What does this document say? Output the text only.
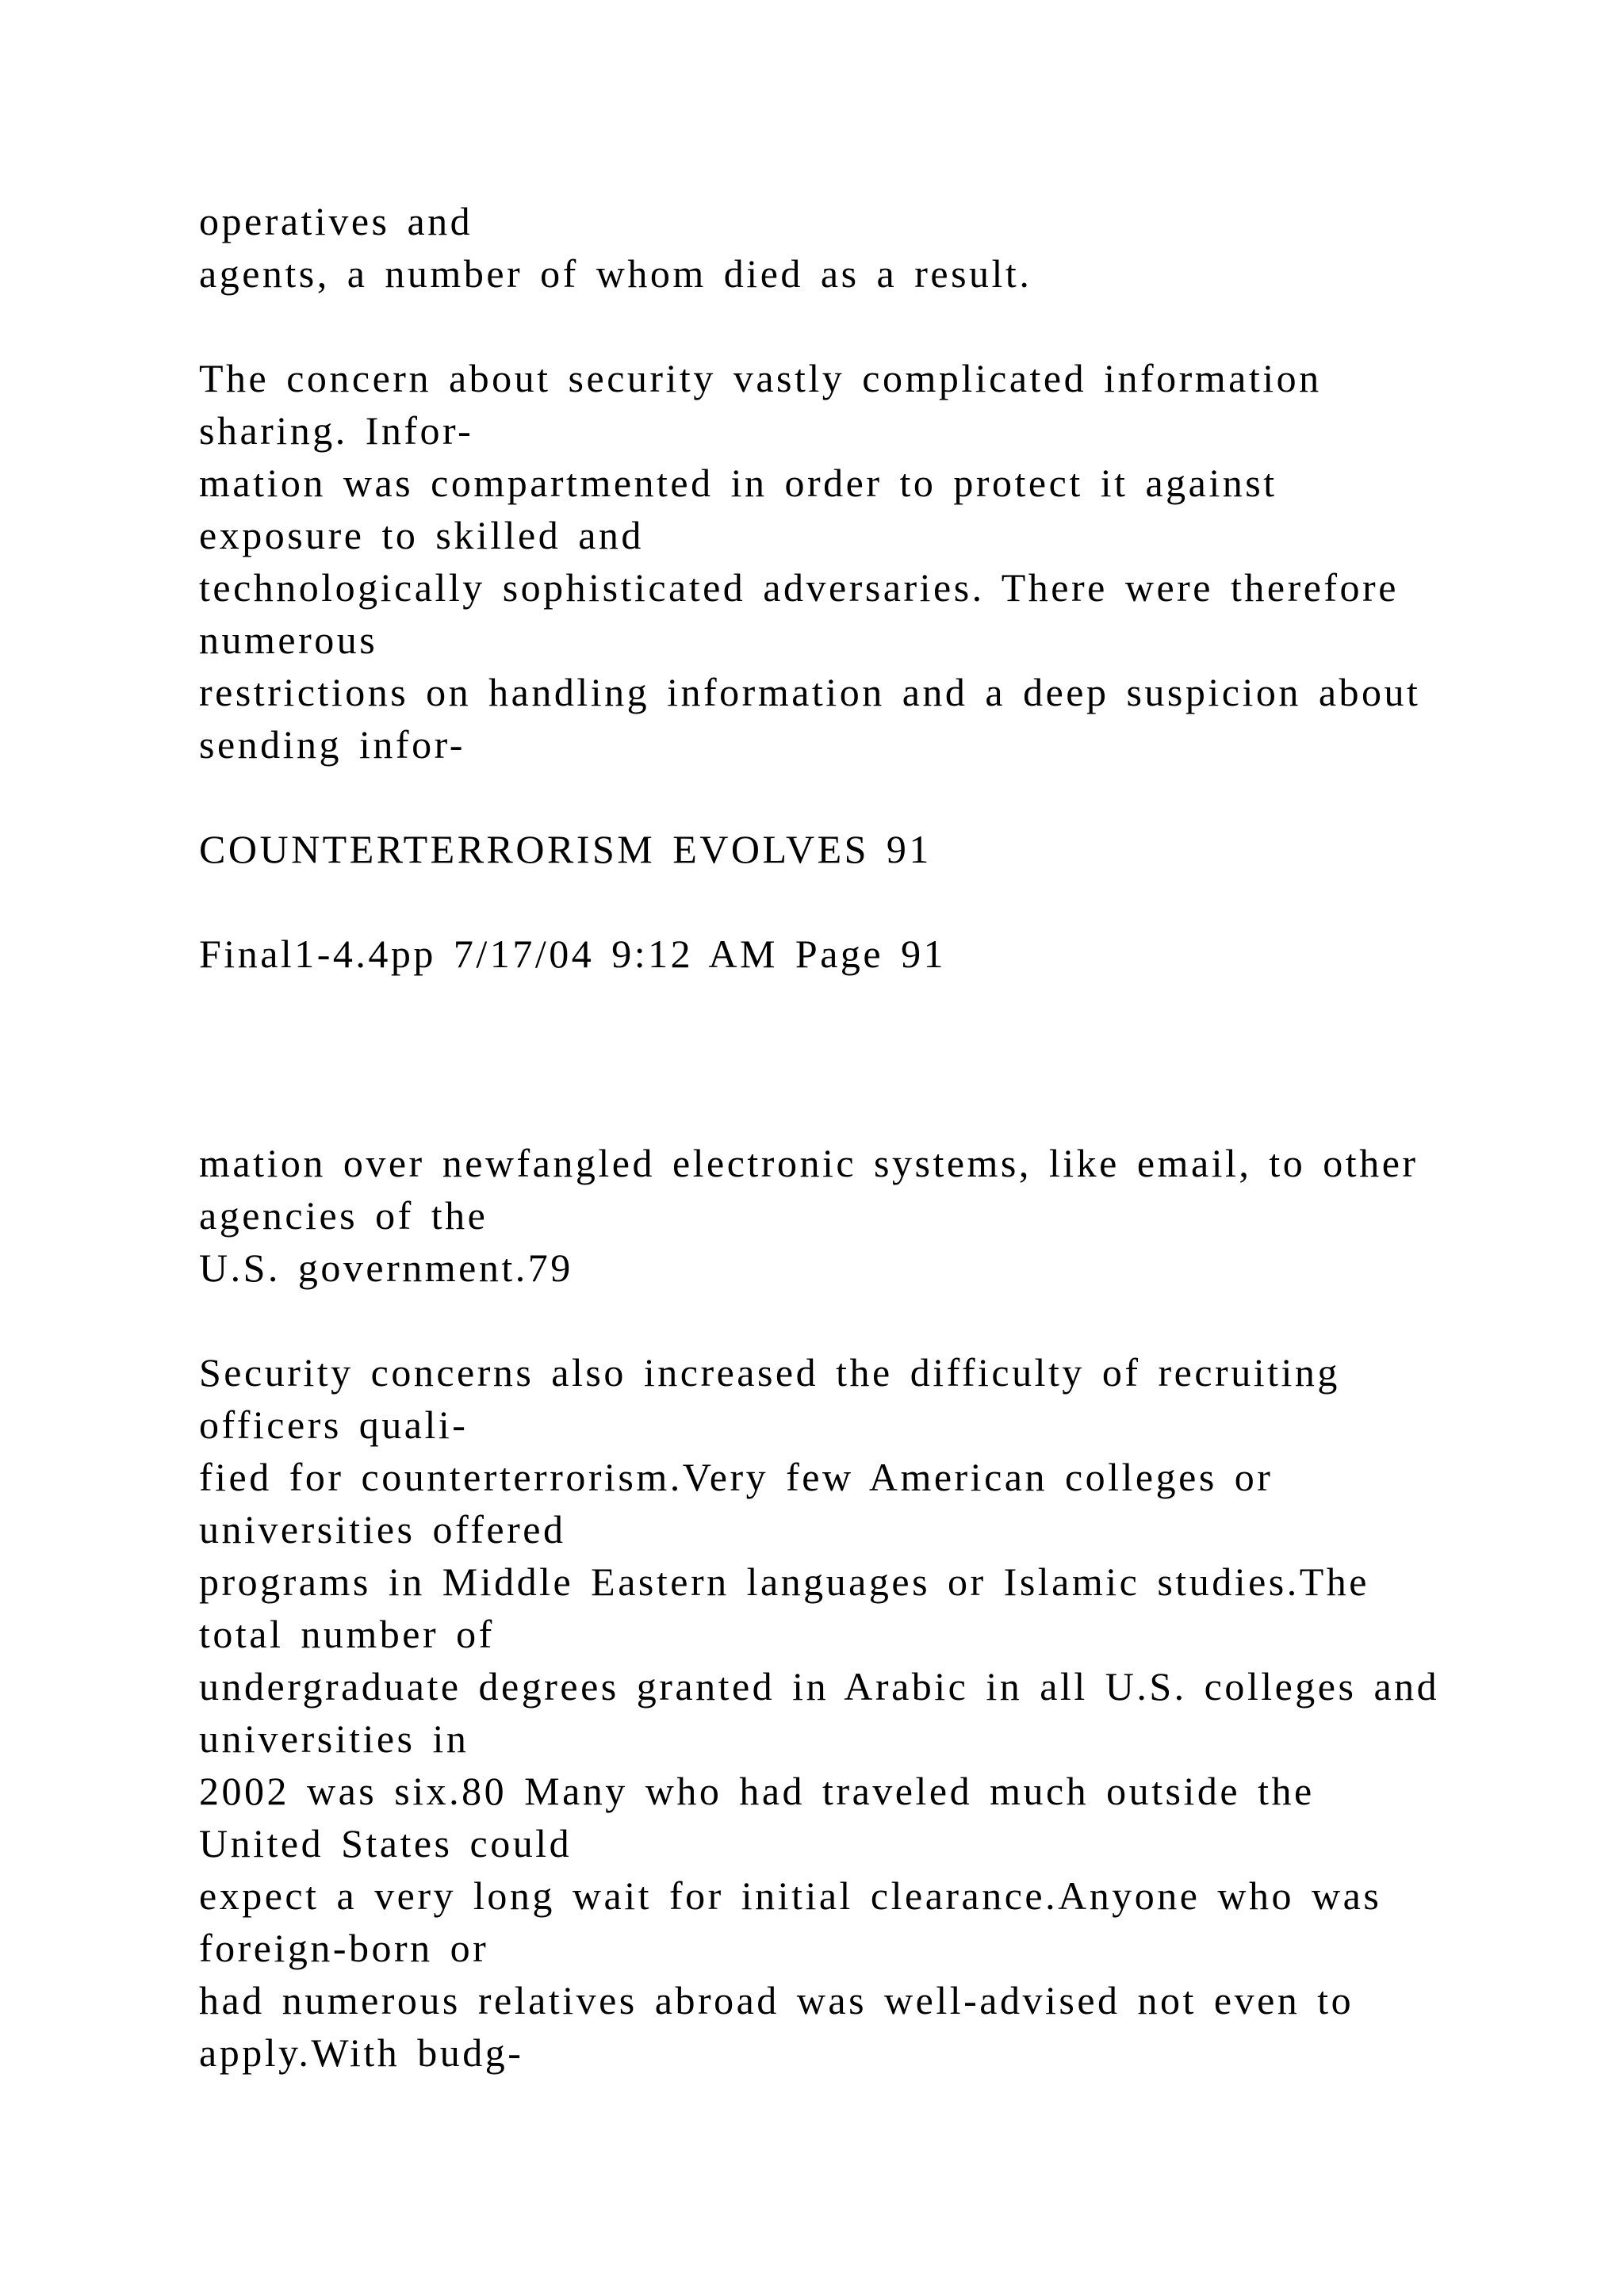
operatives and
agents, a number of whom died as a result.
The concern about security vastly complicated information
sharing. Infor-
mation was compartmented in order to protect it against
exposure to skilled and
technologically sophisticated adversaries. There were therefore
numerous
restrictions on handling information and a deep suspicion about
sending infor-
COUNTERTERRORISM EVOLVES 91
Final1-4.4pp 7/17/04 9:12 AM Page 91
mation over newfangled electronic systems, like email, to other
agencies of the
U.S. government.79
Security concerns also increased the difficulty of recruiting
officers quali-
fied for counterterrorism.Very few American colleges or
universities offered
programs in Middle Eastern languages or Islamic studies.The
total number of
undergraduate degrees granted in Arabic in all U.S. colleges and
universities in
2002 was six.80 Many who had traveled much outside the
United States could
expect a very long wait for initial clearance.Anyone who was
foreign-born or
had numerous relatives abroad was well-advised not even to
apply.With budg-
